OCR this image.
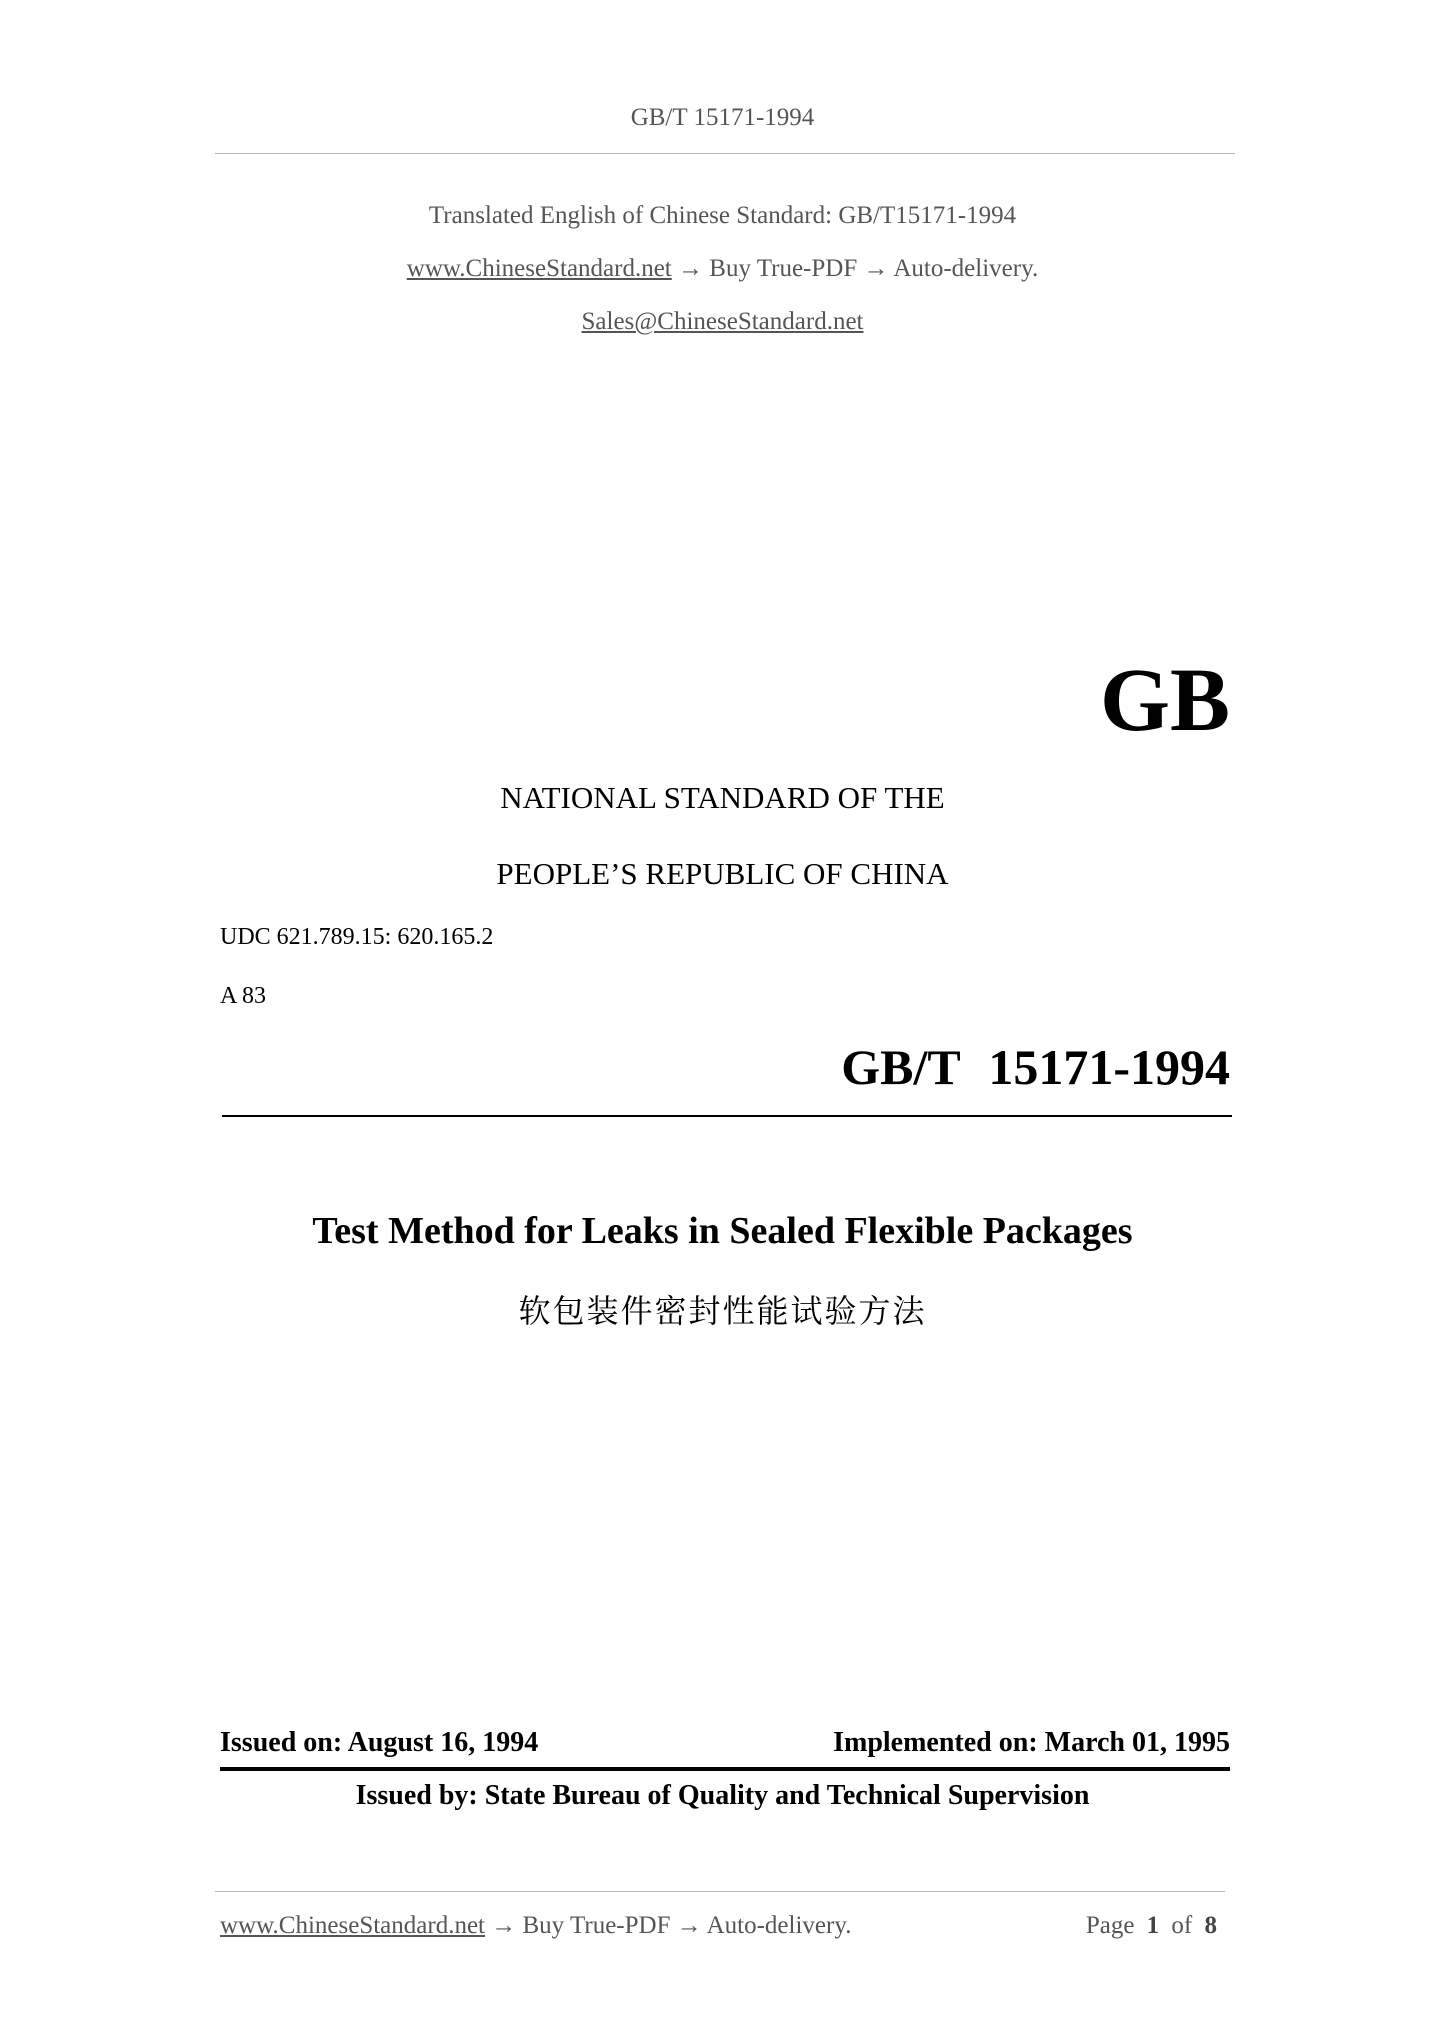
GB/T 15171-1994
Translated English of Chinese Standard: GB/T15171-1994
www.ChineseStandard.net → Buy True-PDF → Auto-delivery.
Sales@ChineseStandard.net
GB
NATIONAL STANDARD OF THE
PEOPLE’S REPUBLIC OF CHINA
UDC 621.789.15: 620.165.2
A 83
GB/T 15171-1994
Test Method for Leaks in Sealed Flexible Packages
软包装件密封性能试验方法
Issued on: August 16, 1994	Implemented on: March 01, 1995
Issued by: State Bureau of Quality and Technical Supervision
www.ChineseStandard.net → Buy True-PDF → Auto-delivery.	Page 1 of 8
